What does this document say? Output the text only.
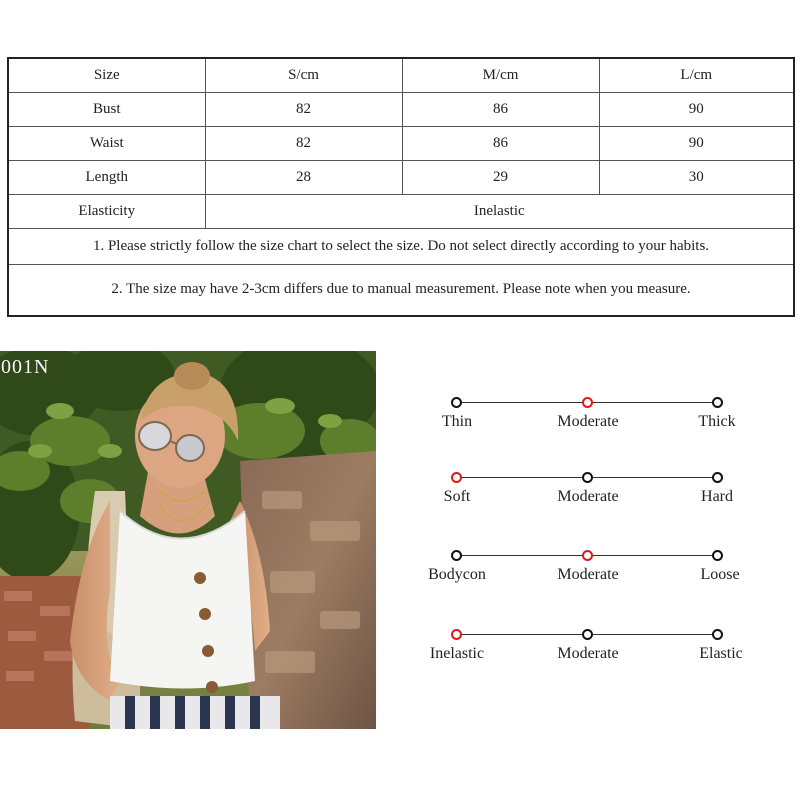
Size	S/cm	M/cm	L/cm
Bust	82	86	90
Waist	82	86	90
Length	28	29	30
Elasticity	Inelastic		
1. Please strictly follow the size chart to select the size. Do not select directly according to your habits.			
2. The size may have 2-3cm differs due to manual measurement. Please note when you measure.			
001N
Thin	Moderate	Thick
Soft	Moderate	Hard
Bodycon	Moderate	Loose
Inelastic	Moderate	Elastic
